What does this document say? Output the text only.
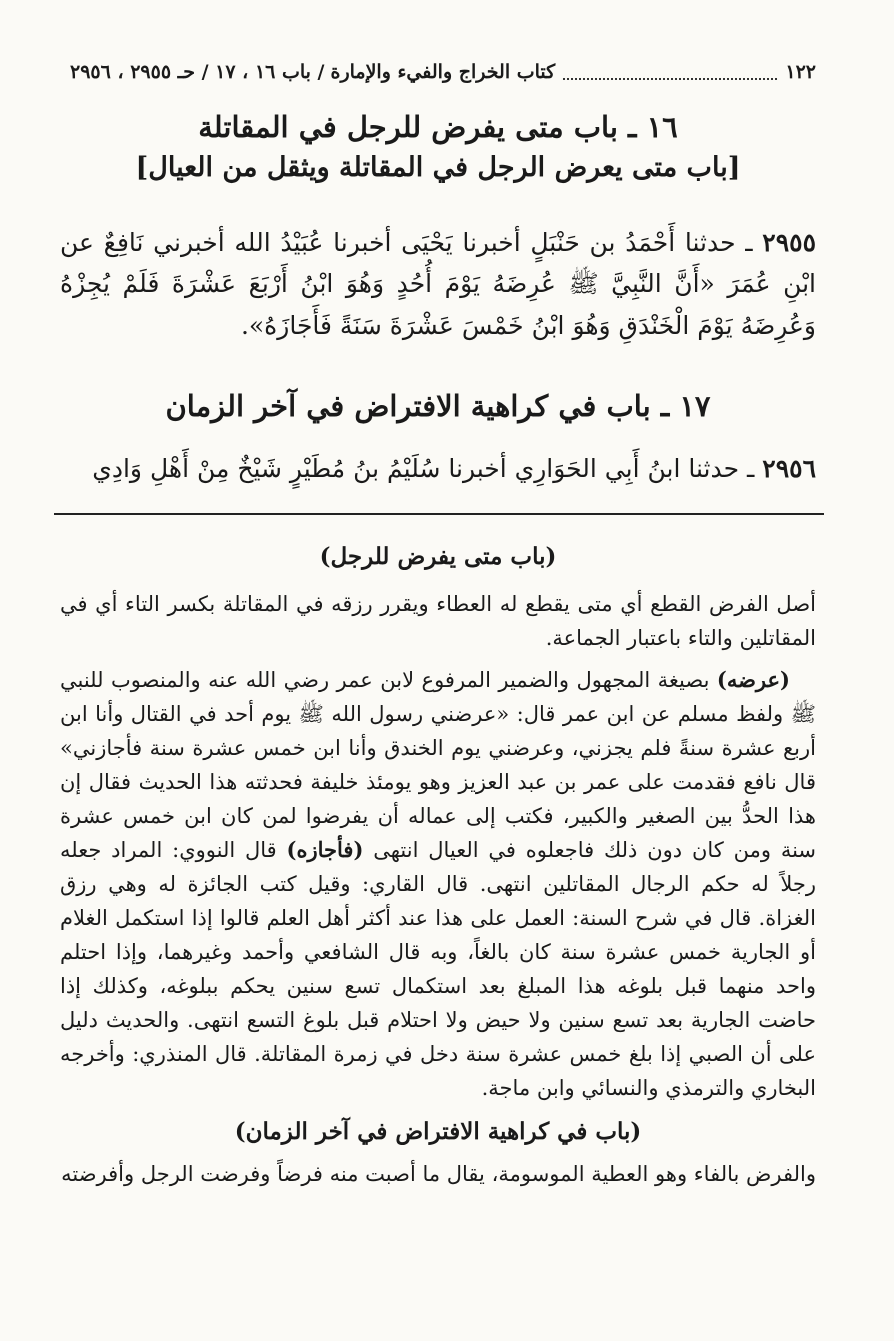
١٢٢
كتاب الخراج والفيء والإمارة
/ باب ١٦ ، ١٧ / حـ ٢٩٥٥ ، ٢٩٥٦
١٦ ـ باب متى يفرض للرجل في المقاتلة
[باب متى يعرض الرجل في المقاتلة ويثقل من العيال]
٢٩٥٥ ـ حدثنا أَحْمَدُ بن حَنْبَلٍ أخبرنا يَحْيَى أخبرنا عُبَيْدُ الله أخبرني نَافِعٌ عن ابْنِ عُمَرَ «أَنَّ النَّبِيَّ ﷺ عُرِضَهُ يَوْمَ أُحُدٍ وَهُوَ ابْنُ أَرْبَعَ عَشْرَةَ فَلَمْ يُجِزْهُ وَعُرِضَهُ يَوْمَ الْخَنْدَقِ وَهُوَ ابْنُ خَمْسَ عَشْرَةَ سَنَةً فَأَجَازَهُ».
١٧ ـ باب في كراهية الافتراض في آخر الزمان
٢٩٥٦ ـ حدثنا ابنُ أَبِي الحَوَارِي أخبرنا سُلَيْمُ بنُ مُطَيْرٍ شَيْخٌ مِنْ أَهْلِ وَادِي
(باب متى يفرض للرجل)

أصل الفرض القطع أي متى يقطع له العطاء ويقرر رزقه في المقاتلة بكسر التاء أي في المقاتلين والتاء باعتبار الجماعة.

(عرضه) بصيغة المجهول والضمير المرفوع لابن عمر رضي الله عنه والمنصوب للنبي ﷺ ولفظ مسلم عن ابن عمر قال: «عرضني رسول الله ﷺ يوم أحد في القتال وأنا ابن أربع عشرة سنةً فلم يجزني، وعرضني يوم الخندق وأنا ابن خمس عشرة سنة فأجازني» قال نافع فقدمت على عمر بن عبد العزيز وهو يومئذ خليفة فحدثته هذا الحديث فقال إن هذا الحدُّ بين الصغير والكبير، فكتب إلى عماله أن يفرضوا لمن كان ابن خمس عشرة سنة ومن كان دون ذلك فاجعلوه في العيال انتهى (فأجازه) قال النووي: المراد جعله رجلاً له حكم الرجال المقاتلين انتهى. قال القاري: وقيل كتب الجائزة له وهي رزق الغزاة. قال في شرح السنة: العمل على هذا عند أكثر أهل العلم قالوا إذا استكمل الغلام أو الجارية خمس عشرة سنة كان بالغاً، وبه قال الشافعي وأحمد وغيرهما، وإذا احتلم واحد منهما قبل بلوغه هذا المبلغ بعد استكمال تسع سنين يحكم ببلوغه، وكذلك إذا حاضت الجارية بعد تسع سنين ولا حيض ولا احتلام قبل بلوغ التسع انتهى. والحديث دليل على أن الصبي إذا بلغ خمس عشرة سنة دخل في زمرة المقاتلة. قال المنذري: وأخرجه البخاري والترمذي والنسائي وابن ماجة.

(باب في كراهية الافتراض في آخر الزمان)

والفرض بالفاء وهو العطية الموسومة، يقال ما أصبت منه فرضاً وفرضت الرجل وأفرضته
